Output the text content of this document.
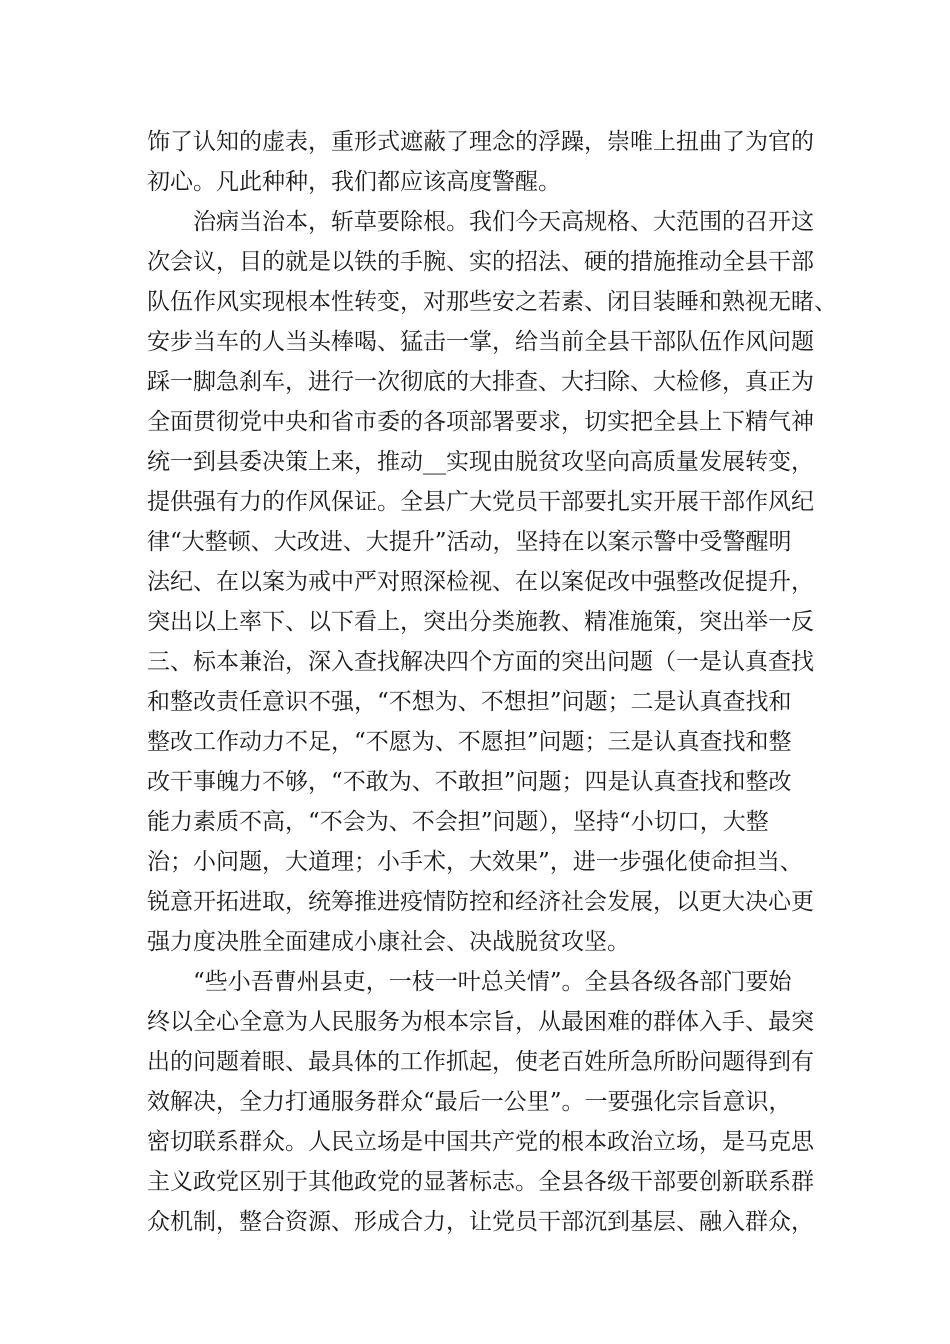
饰了认知的虚表，重形式遮蔽了理念的浮躁，崇唯上扭曲了为官的
初心。凡此种种，我们都应该高度警醒。
　　治病当治本，斩草要除根。我们今天高规格、大范围的召开这
次会议，目的就是以铁的手腕、实的招法、硬的措施推动全县干部
队伍作风实现根本性转变，对那些安之若素、闭目装睡和熟视无睹、
安步当车的人当头棒喝、猛击一掌，给当前全县干部队伍作风问题
踩一脚急刹车，进行一次彻底的大排查、大扫除、大检修，真正为
全面贯彻党中央和省市委的各项部署要求，切实把全县上下精气神
统一到县委决策上来，推动__实现由脱贫攻坚向高质量发展转变，
提供强有力的作风保证。全县广大党员干部要扎实开展干部作风纪
律“大整顿、大改进、大提升”活动，坚持在以案示警中受警醒明
法纪、在以案为戒中严对照深检视、在以案促改中强整改促提升，
突出以上率下、以下看上，突出分类施教、精准施策，突出举一反
三、标本兼治，深入查找解决四个方面的突出问题（一是认真查找
和整改责任意识不强，“不想为、不想担”问题；二是认真查找和
整改工作动力不足，“不愿为、不愿担”问题；三是认真查找和整
改干事魄力不够，“不敢为、不敢担”问题；四是认真查找和整改
能力素质不高，“不会为、不会担”问题），坚持“小切口，大整
治；小问题，大道理；小手术，大效果”，进一步强化使命担当、
锐意开拓进取，统筹推进疫情防控和经济社会发展，以更大决心更
强力度决胜全面建成小康社会、决战脱贫攻坚。
　　“些小吾曹州县吏，一枝一叶总关情”。全县各级各部门要始
终以全心全意为人民服务为根本宗旨，从最困难的群体入手、最突
出的问题着眼、最具体的工作抓起，使老百姓所急所盼问题得到有
效解决，全力打通服务群众“最后一公里”。一要强化宗旨意识，
密切联系群众。人民立场是中国共产党的根本政治立场，是马克思
主义政党区别于其他政党的显著标志。全县各级干部要创新联系群
众机制，整合资源、形成合力，让党员干部沉到基层、融入群众，
